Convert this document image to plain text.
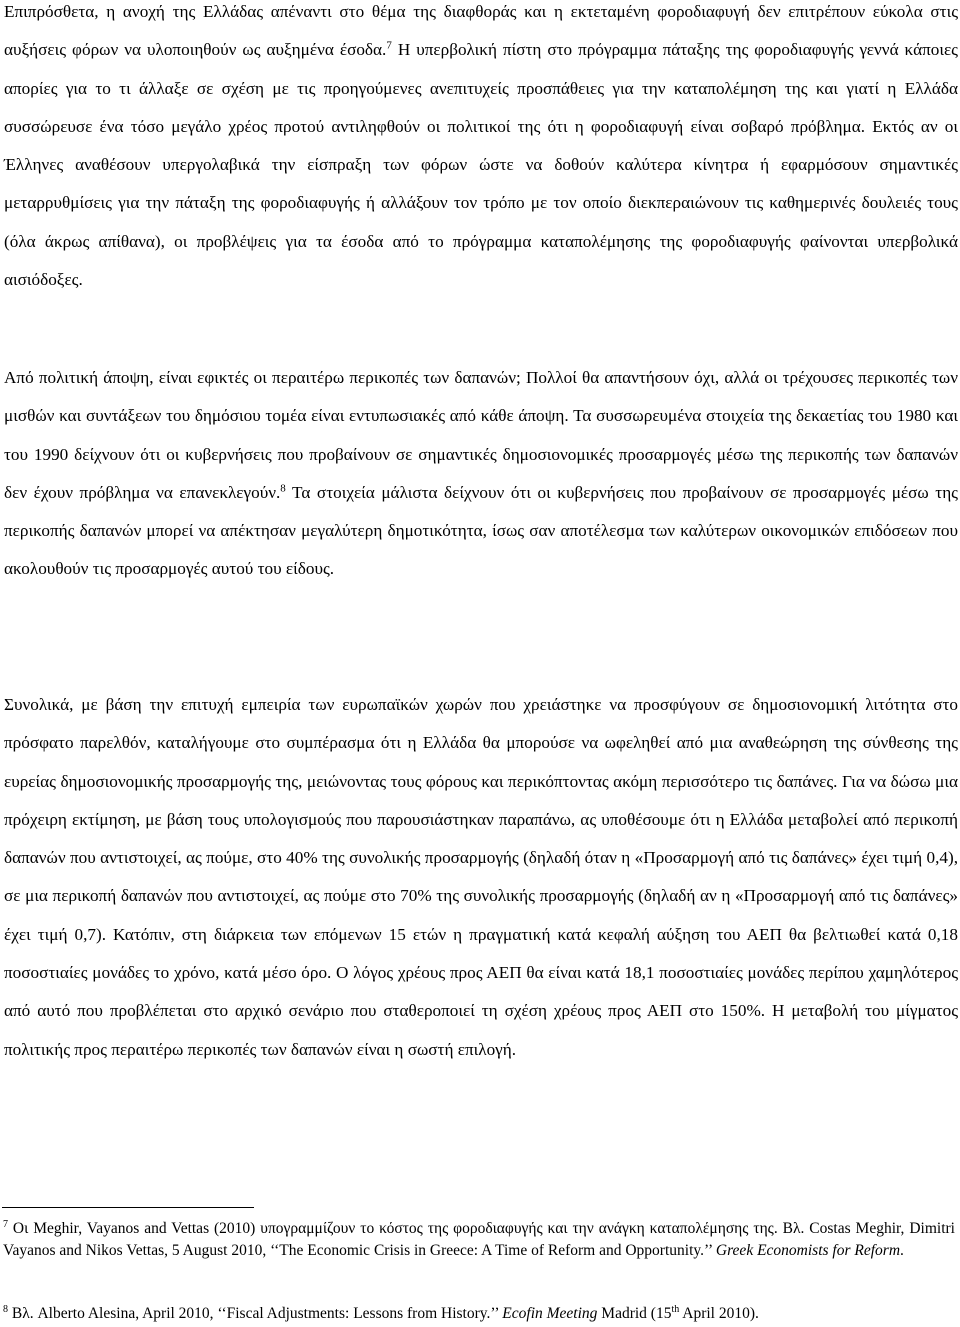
Επιπρόσθετα, η ανοχή της Ελλάδας απέναντι στο θέμα της διαφθοράς και η εκτεταμένη φοροδιαφυγή δεν επιτρέπουν εύκολα στις αυξήσεις φόρων να υλοποιηθούν ως αυξημένα έσοδα.$^7$ Η υπερβολική πίστη στο πρόγραμμα πάταξης της φοροδιαφυγής γεννά κάποιες απορίες για το τι άλλαξε σε σχέση με τις προηγούμενες ανεπιτυχείς προσπάθειες για την καταπολέμηση της και γιατί η Ελλάδα συσσώρευσε ένα τόσο μεγάλο χρέος προτού αντιληφθούν οι πολιτικοί της ότι η φοροδιαφυγή είναι σοβαρό πρόβλημα. Εκτός αν οι Έλληνες αναθέσουν υπεργολαβικά την είσπραξη των φόρων ώστε να δοθούν καλύτερα κίνητρα ή εφαρμόσουν σημαντικές μεταρρυθμίσεις για την πάταξη της φοροδιαφυγής ή αλλάξουν τον τρόπο με τον οποίο διεκπεραιώνουν τις καθημερινές δουλειές τους (όλα άκρως απίθανα), οι προβλέψεις για τα έσοδα από το πρόγραμμα καταπολέμησης της φοροδιαφυγής φαίνονται υπερβολικά αισιόδοξες.

Από πολιτική άποψη, είναι εφικτές οι περαιτέρω περικοπές των δαπανών; Πολλοί θα απαντήσουν όχι, αλλά οι τρέχουσες περικοπές των μισθών και συντάξεων του δημόσιου τομέα είναι εντυπωσιακές από κάθε άποψη. Τα συσσωρευμένα στοιχεία της δεκαετίας του 1980 και του 1990 δείχνουν ότι οι κυβερνήσεις που προβαίνουν σε σημαντικές δημοσιονομικές προσαρμογές μέσω της περικοπής των δαπανών δεν έχουν πρόβλημα να επανεκλεγούν.$^8$ Τα στοιχεία μάλιστα δείχνουν ότι οι κυβερνήσεις που προβαίνουν σε προσαρμογές μέσω της περικοπής δαπανών μπορεί να απέκτησαν μεγαλύτερη δημοτικότητα, ίσως σαν αποτέλεσμα των καλύτερων οικονομικών επιδόσεων που ακολουθούν τις προσαρμογές αυτού του είδους.

Συνολικά, με βάση την επιτυχή εμπειρία των ευρωπαϊκών χωρών που χρειάστηκε να προσφύγουν σε δημοσιονομική λιτότητα στο πρόσφατο παρελθόν, καταλήγουμε στο συμπέρασμα ότι η Ελλάδα θα μπορούσε να ωφεληθεί από μια αναθεώρηση της σύνθεσης της ευρείας δημοσιονομικής προσαρμογής της, μειώνοντας τους φόρους και περικόπτοντας ακόμη περισσότερο τις δαπάνες. Για να δώσω μια πρόχειρη εκτίμηση, με βάση τους υπολογισμούς που παρουσιάστηκαν παραπάνω, ας υποθέσουμε ότι η Ελλάδα μεταβολεί από περικοπή δαπανών που αντιστοιχεί, ας πούμε, στο 40% της συνολικής προσαρμογής (δηλαδή όταν η «Προσαρμογή από τις δαπάνες» έχει τιμή 0,4), σε μια περικοπή δαπανών που αντιστοιχεί, ας πούμε στο 70% της συνολικής προσαρμογής (δηλαδή αν η «Προσαρμογή από τις δαπάνες» έχει τιμή 0,7). Κατόπιν, στη διάρκεια των επόμενων 15 ετών η πραγματική κατά κεφαλή αύξηση του ΑΕΠ θα βελτιωθεί κατά 0,18 ποσοστιαίες μονάδες το χρόνο, κατά μέσο όρο. Ο λόγος χρέους προς ΑΕΠ θα είναι κατά 18,1 ποσοστιαίες μονάδες περίπου χαμηλότερος από αυτό που προβλέπεται στο αρχικό σενάριο που σταθεροποιεί τη σχέση χρέους προς ΑΕΠ στο 150%. Η μεταβολή του μίγματος πολιτικής προς περαιτέρω περικοπές των δαπανών είναι η σωστή επιλογή.

$^7$ Οι Meghir, Vayanos and Vettas (2010) υπογραμμίζουν το κόστος της φοροδιαφυγής και την ανάγκη καταπολέμησης της. Βλ. Costas Meghir, Dimitri Vayanos and Nikos Vettas, 5 August 2010, ‘‘The Economic Crisis in Greece: A Time of Reform and Opportunity.’’ Greek Economists for Reform.

$^8$ Βλ. Alberto Alesina, April 2010, ‘‘Fiscal Adjustments: Lessons from History.’’ Ecofin Meeting Madrid (15th April 2010).
